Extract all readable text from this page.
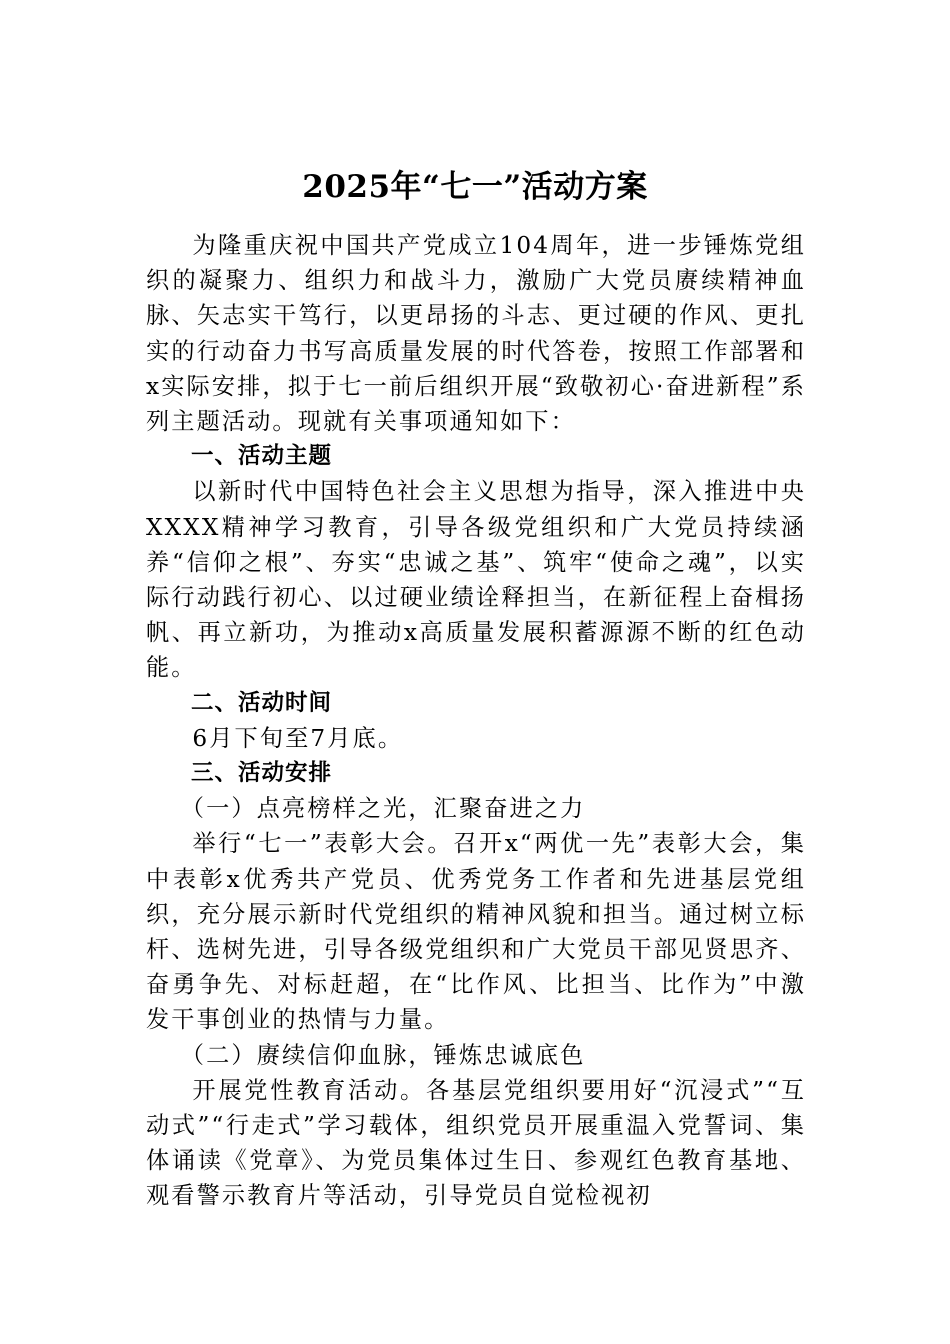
2025年“七一”活动方案

为隆重庆祝中国共产党成立104周年，进一步锤炼党组织的凝聚力、组织力和战斗力，激励广大党员赓续精神血脉、矢志实干笃行，以更昂扬的斗志、更过硬的作风、更扎实的行动奋力书写高质量发展的时代答卷，按照工作部署和x实际安排，拟于七一前后组织开展“致敬初心·奋进新程”系列主题活动。现就有关事项通知如下：

一、活动主题

以新时代中国特色社会主义思想为指导，深入推进中央XXXX精神学习教育，引导各级党组织和广大党员持续涵养“信仰之根”、夯实“忠诚之基”、筑牢“使命之魂”，以实际行动践行初心、以过硬业绩诠释担当，在新征程上奋楫扬帆、再立新功，为推动x高质量发展积蓄源源不断的红色动能。

二、活动时间

6月下旬至7月底。

三、活动安排

（一）点亮榜样之光，汇聚奋进之力

举行“七一”表彰大会。召开x“两优一先”表彰大会，集中表彰x优秀共产党员、优秀党务工作者和先进基层党组织，充分展示新时代党组织的精神风貌和担当。通过树立标杆、选树先进，引导各级党组织和广大党员干部见贤思齐、奋勇争先、对标赶超，在“比作风、比担当、比作为”中激发干事创业的热情与力量。

（二）赓续信仰血脉，锤炼忠诚底色

开展党性教育活动。各基层党组织要用好“沉浸式”“互动式”“行走式”学习载体，组织党员开展重温入党誓词、集体诵读《党章》、为党员集体过生日、参观红色教育基地、观看警示教育片等活动，引导党员自觉检视初
